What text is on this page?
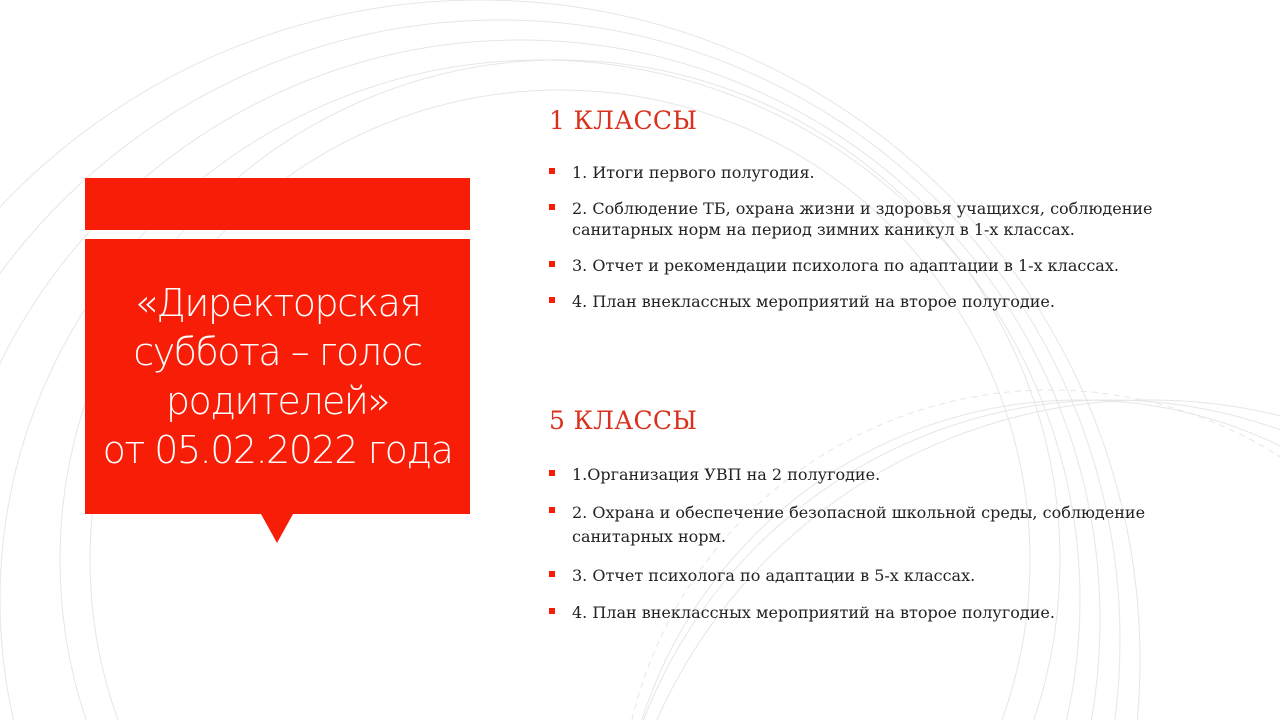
«Директорская
суббота – голос
родителей»
от 05.02.2022 года
1 КЛАССЫ
1. Итоги первого полугодия.
2. Соблюдение ТБ, охрана жизни и здоровья учащихся, соблюдение
санитарных норм на период зимних каникул в 1-х классах.
3. Отчет и рекомендации психолога по адаптации в 1-х классах.
4. План внеклассных мероприятий на второе полугодие.
5 КЛАССЫ
1.Организация УВП на 2 полугодие.
2. Охрана и обеспечение безопасной школьной среды, соблюдение
санитарных норм.
3. Отчет психолога по адаптации в 5-х классах.
4. План внеклассных мероприятий на второе полугодие.
